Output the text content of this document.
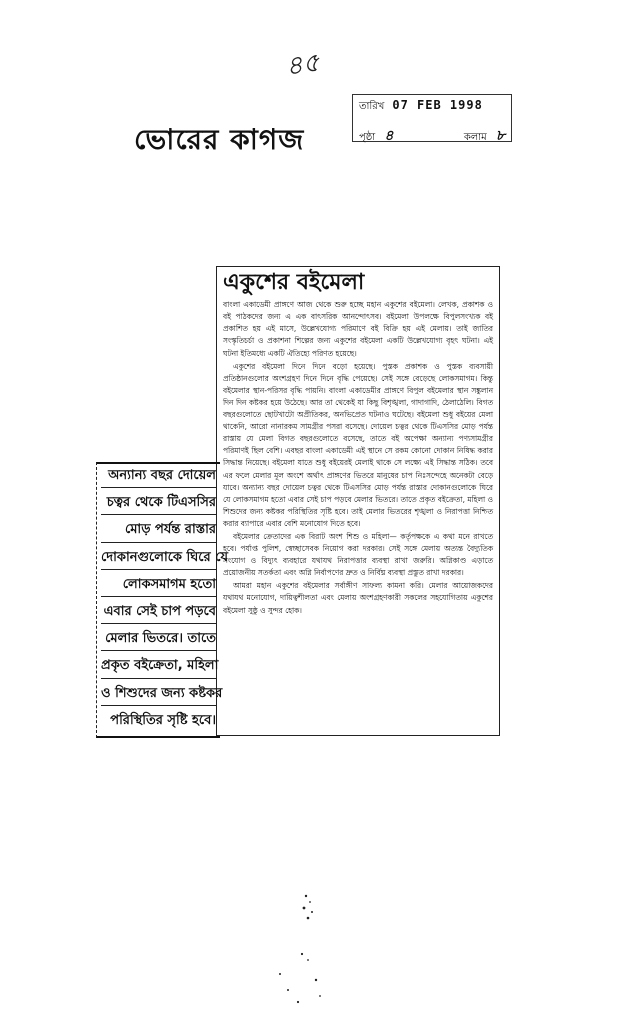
৪৫
ভোরের কাগজ
তারিখ 07 FEB 1998
পৃষ্ঠা ৪	কলাম ৮
একুশের বইমেলা

বাংলা একাডেমী প্রাঙ্গণে আজ থেকে শুরু হচ্ছে মহান একুশের বইমেলা। লেখক, প্রকাশক ও বই পাঠকদের জন্য এ এক বাৎসরিক আনন্দোৎসব। বইমেলা উপলক্ষে বিপুলসংখ্যক বই প্রকাশিত হয় এই মাসে, উল্লেখযোগ্য পরিমাণে বই বিক্রি হয় এই মেলায়। তাই জাতির সংস্কৃতিচর্চা ও প্রকাশনা শিল্পের জন্য একুশের বইমেলা একটি উল্লেখযোগ্য বৃহৎ ঘটনা। এই ঘটনা ইতিমধ্যে একটি ঐতিহ্যে পরিণত হয়েছে।

একুশের বইমেলা দিনে দিনে বড়ো হয়েছে। পুস্তক প্রকাশক ও পুস্তক ব্যবসায়ী প্রতিষ্ঠানগুলোর অংশগ্রহণ দিনে দিনে বৃদ্ধি পেয়েছে। সেই সঙ্গে বেড়েছে লোকসমাগম। কিন্তু বইমেলার স্থান-পরিসর বৃদ্ধি পায়নি। বাংলা একাডেমীর প্রাঙ্গণে বিপুল বইমেলার স্থান সঙ্কুলান দিন দিন কষ্টকর হয়ে উঠেছে। আর তা থেকেই যা কিছু বিশৃঙ্খলা, গাদাগাদি, ঠেলাঠেলি। বিগত বছরগুলোতে ছোটখাটো অপ্রীতিকর, অনভিপ্রেত ঘটনাও ঘটেছে। বইমেলা শুধু বইয়ের মেলা থাকেনি, আরো নানারকম সামগ্রীর পসরা বসেছে। দোয়েল চত্বর থেকে টিএসসির মোড় পর্যন্ত রাস্তায় যে মেলা বিগত বছরগুলোতে বসেছে, তাতে বই অপেক্ষা অন্যান্য পণ্যসামগ্রীর পরিমাণই ছিল বেশি। এবছর বাংলা একাডেমী এই স্থানে সে রকম কোনো দোকান নিষিদ্ধ করার সিদ্ধান্ত নিয়েছে। বইমেলা যাতে শুধু বইয়েরই মেলাই থাকে সে লক্ষ্যে এই সিদ্ধান্ত সঠিক। তবে এর ফলে মেলার মূল অংশে অর্থাৎ প্রাঙ্গণের ভিতরে মানুষের চাপ নিঃসন্দেহে অনেকটা বেড়ে যাবে। অন্যান্য বছর দোয়েল চত্বর থেকে টিএসসির মোড় পর্যন্ত রাস্তার দোকানগুলোকে ঘিরে যে লোকসমাগম হতো এবার সেই চাপ পড়বে মেলার ভিতরে। তাতে প্রকৃত বইক্রেতা, মহিলা ও শিশুদের জন্য কষ্টকর পরিস্থিতির সৃষ্টি হবে। তাই মেলার ভিতরের শৃঙ্খলা ও নিরাপত্তা নিশ্চিত করার ব্যাপারে এবার বেশি মনোযোগ দিতে হবে।

বইমেলার ক্রেতাদের এক বিরাট অংশ শিশু ও মহিলা— কর্তৃপক্ষকে এ কথা মনে রাখতে হবে। পর্যাপ্ত পুলিশ, স্বেচ্ছাসেবক নিয়োগ করা দরকার। সেই সঙ্গে মেলায় অত্যন্ত বৈদ্যুতিক সংযোগ ও বিদ্যুৎ ব্যবহারে যথাযথ নিরাপত্তার ব্যবস্থা রাখা জরুরি। অগ্নিকাণ্ড এড়াতে প্রয়োজনীয় সতর্কতা এবং অগ্নি নির্বাপণের দ্রুত ও নির্বিঘ্ন ব্যবস্থা প্রস্তুত রাখা দরকার।

আমরা মহান একুশের বইমেলার সর্বাঙ্গীণ সাফল্য কামনা করি। মেলার আয়োজকদের যথাযথ মনোযোগ, দায়িত্বশীলতা এবং মেলায় অংশগ্রহণকারী সকলের সহযোগিতায় একুশের বইমেলা সুষ্ঠু ও সুন্দর হোক।

অন্যান্য বছর দোয়েল
চত্বর থেকে টিএসসির
মোড় পর্যন্ত রাস্তার
দোকানগুলোকে ঘিরে যে
লোকসমাগম হতো
এবার সেই চাপ পড়বে
মেলার ভিতরে। তাতে
প্রকৃত বইক্রেতা, মহিলা
ও শিশুদের জন্য কষ্টকর
পরিস্থিতির সৃষ্টি হবে।
